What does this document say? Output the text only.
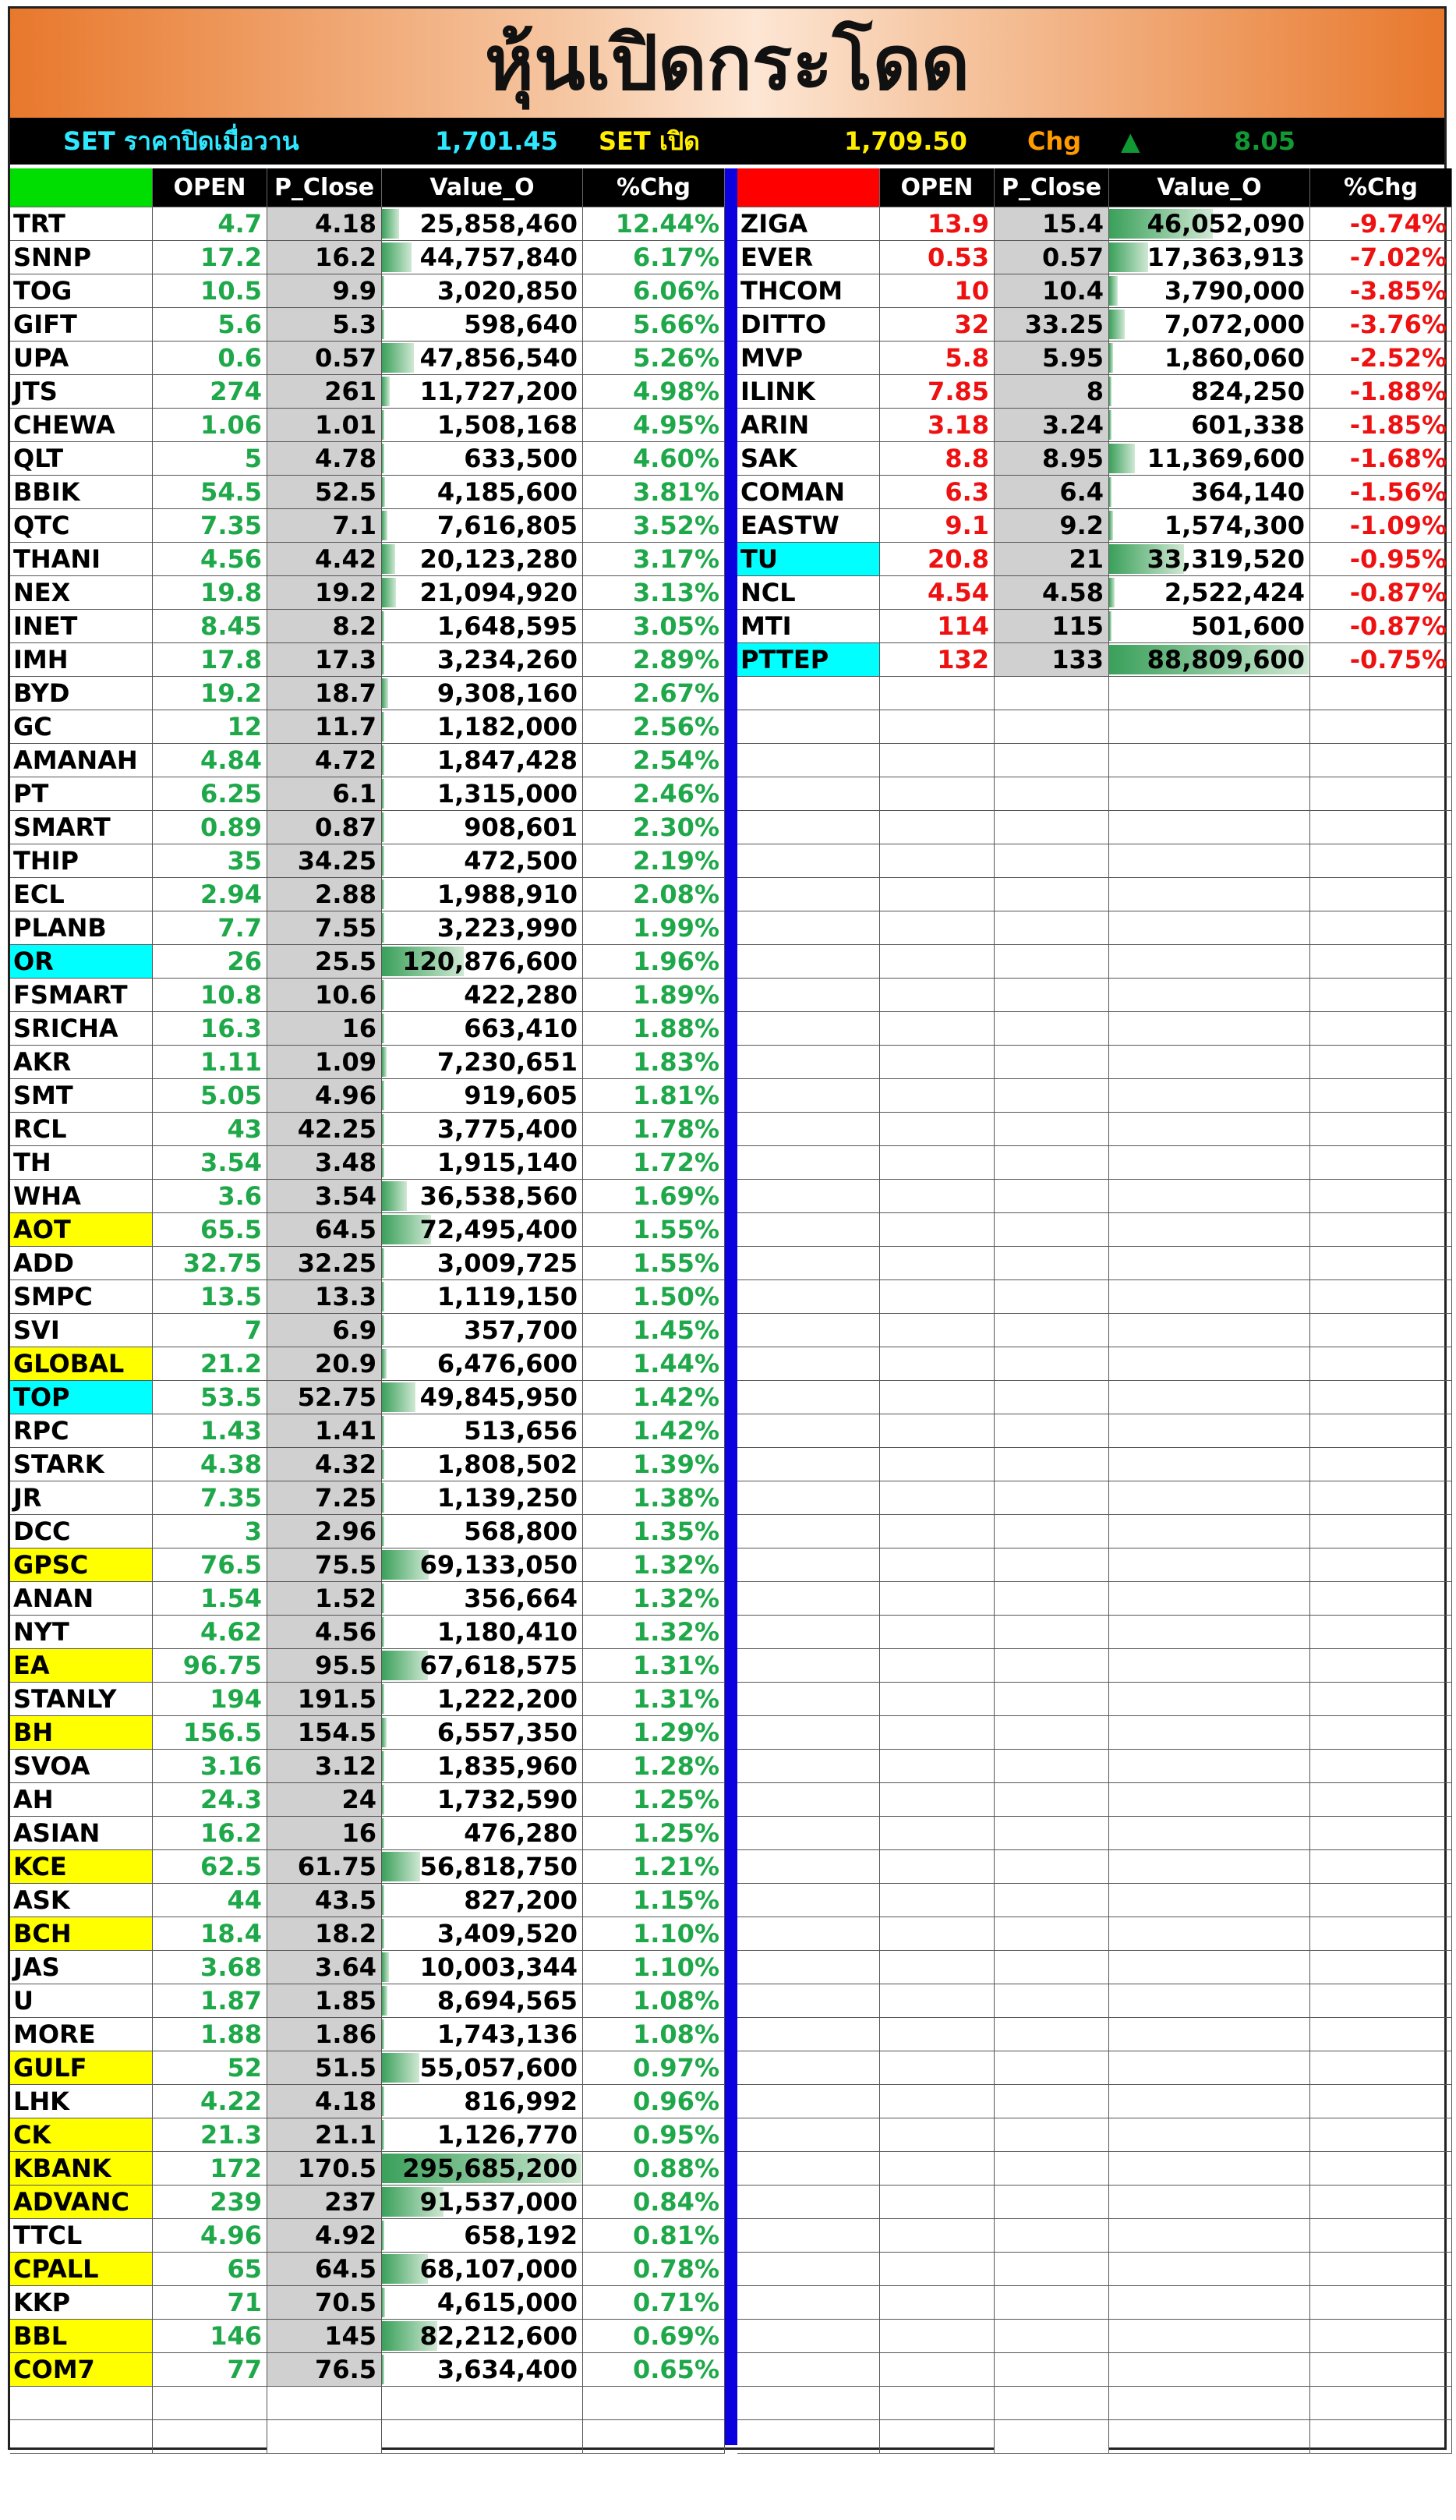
หุ้นเปิดกระโดด
SET ราคาปิดเมื่อวาน	1,701.45 SET เปิด	1,709.50 Chg ▲	8.05
OPEN	P_Close	Value_O	%Chg
TRT	4.7	4.18	25,858,460	12.44%
SNNP	17.2	16.2	44,757,840	6.17%
TOG	10.5	9.9	3,020,850	6.06%
GIFT	5.6	5.3	598,640	5.66%
UPA	0.6	0.57	47,856,540	5.26%
JTS	274	261	11,727,200	4.98%
CHEWA	1.06	1.01	1,508,168	4.95%
QLT	5	4.78	633,500	4.60%
BBIK	54.5	52.5	4,185,600	3.81%
QTC	7.35	7.1	7,616,805	3.52%
THANI	4.56	4.42	20,123,280	3.17%
NEX	19.8	19.2	21,094,920	3.13%
INET	8.45	8.2	1,648,595	3.05%
IMH	17.8	17.3	3,234,260	2.89%
BYD	19.2	18.7	9,308,160	2.67%
GC	12	11.7	1,182,000	2.56%
AMANAH	4.84	4.72	1,847,428	2.54%
PT	6.25	6.1	1,315,000	2.46%
SMART	0.89	0.87	908,601	2.30%
THIP	35	34.25	472,500	2.19%
ECL	2.94	2.88	1,988,910	2.08%
PLANB	7.7	7.55	3,223,990	1.99%
OR	26	25.5	120,876,600	1.96%
FSMART	10.8	10.6	422,280	1.89%
SRICHA	16.3	16	663,410	1.88%
AKR	1.11	1.09	7,230,651	1.83%
SMT	5.05	4.96	919,605	1.81%
RCL	43	42.25	3,775,400	1.78%
TH	3.54	3.48	1,915,140	1.72%
WHA	3.6	3.54	36,538,560	1.69%
AOT	65.5	64.5	72,495,400	1.55%
ADD	32.75	32.25	3,009,725	1.55%
SMPC	13.5	13.3	1,119,150	1.50%
SVI	7	6.9	357,700	1.45%
GLOBAL	21.2	20.9	6,476,600	1.44%
TOP	53.5	52.75	49,845,950	1.42%
RPC	1.43	1.41	513,656	1.42%
STARK	4.38	4.32	1,808,502	1.39%
JR	7.35	7.25	1,139,250	1.38%
DCC	3	2.96	568,800	1.35%
GPSC	76.5	75.5	69,133,050	1.32%
ANAN	1.54	1.52	356,664	1.32%
NYT	4.62	4.56	1,180,410	1.32%
EA	96.75	95.5	67,618,575	1.31%
STANLY	194	191.5	1,222,200	1.31%
BH	156.5	154.5	6,557,350	1.29%
SVOA	3.16	3.12	1,835,960	1.28%
AH	24.3	24	1,732,590	1.25%
ASIAN	16.2	16	476,280	1.25%
KCE	62.5	61.75	56,818,750	1.21%
ASK	44	43.5	827,200	1.15%
BCH	18.4	18.2	3,409,520	1.10%
JAS	3.68	3.64	10,003,344	1.10%
U	1.87	1.85	8,694,565	1.08%
MORE	1.88	1.86	1,743,136	1.08%
GULF	52	51.5	55,057,600	0.97%
LHK	4.22	4.18	816,992	0.96%
CK	21.3	21.1	1,126,770	0.95%
KBANK	172	170.5	295,685,200	0.88%
ADVANC	239	237	91,537,000	0.84%
TTCL	4.96	4.92	658,192	0.81%
CPALL	65	64.5	68,107,000	0.78%
KKP	71	70.5	4,615,000	0.71%
BBL	146	145	82,212,600	0.69%
COM7	77	76.5	3,634,400	0.65%
OPEN	P_Close	Value_O	%Chg
ZIGA	13.9	15.4	46,052,090	-9.74%
EVER	0.53	0.57	17,363,913	-7.02%
THCOM	10	10.4	3,790,000	-3.85%
DITTO	32	33.25	7,072,000	-3.76%
MVP	5.8	5.95	1,860,060	-2.52%
ILINK	7.85	8	824,250	-1.88%
ARIN	3.18	3.24	601,338	-1.85%
SAK	8.8	8.95	11,369,600	-1.68%
COMAN	6.3	6.4	364,140	-1.56%
EASTW	9.1	9.2	1,574,300	-1.09%
TU	20.8	21	33,319,520	-0.95%
NCL	4.54	4.58	2,522,424	-0.87%
MTI	114	115	501,600	-0.87%
PTTEP	132	133	88,809,600	-0.75%
